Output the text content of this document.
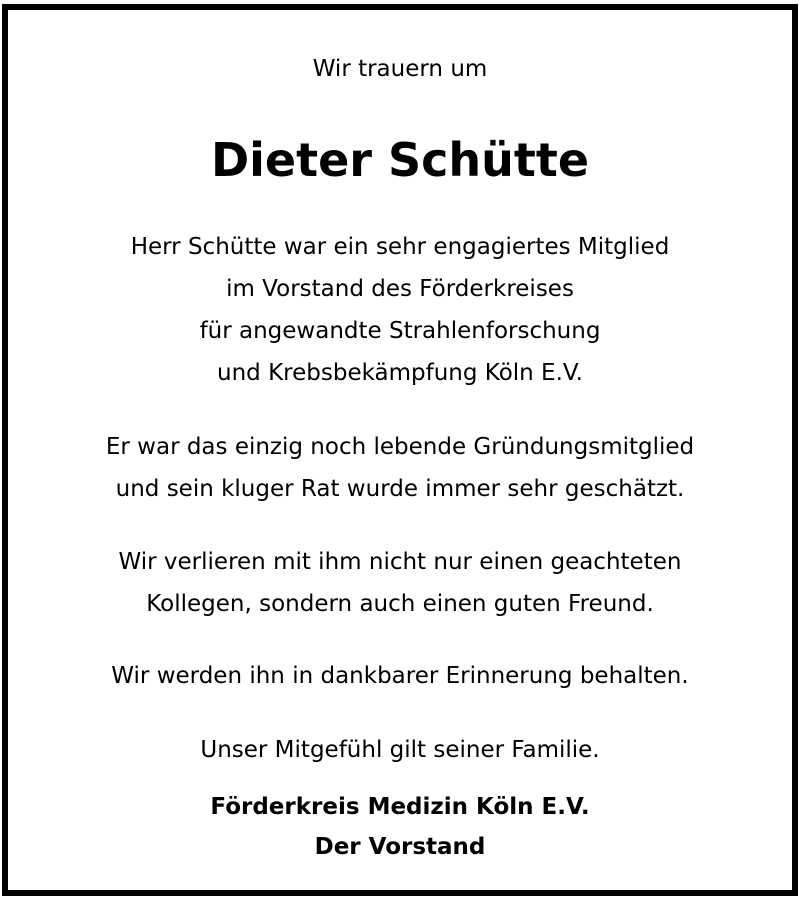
Wir trauern um
Dieter Schütte
Herr Schütte war ein sehr engagiertes Mitglied
im Vorstand des Förderkreises
für angewandte Strahlenforschung
und Krebsbekämpfung Köln E.V.
Er war das einzig noch lebende Gründungsmitglied
und sein kluger Rat wurde immer sehr geschätzt.
Wir verlieren mit ihm nicht nur einen geachteten
Kollegen, sondern auch einen guten Freund.
Wir werden ihn in dankbarer Erinnerung behalten.
Unser Mitgefühl gilt seiner Familie.
Förderkreis Medizin Köln E.V.
Der Vorstand
